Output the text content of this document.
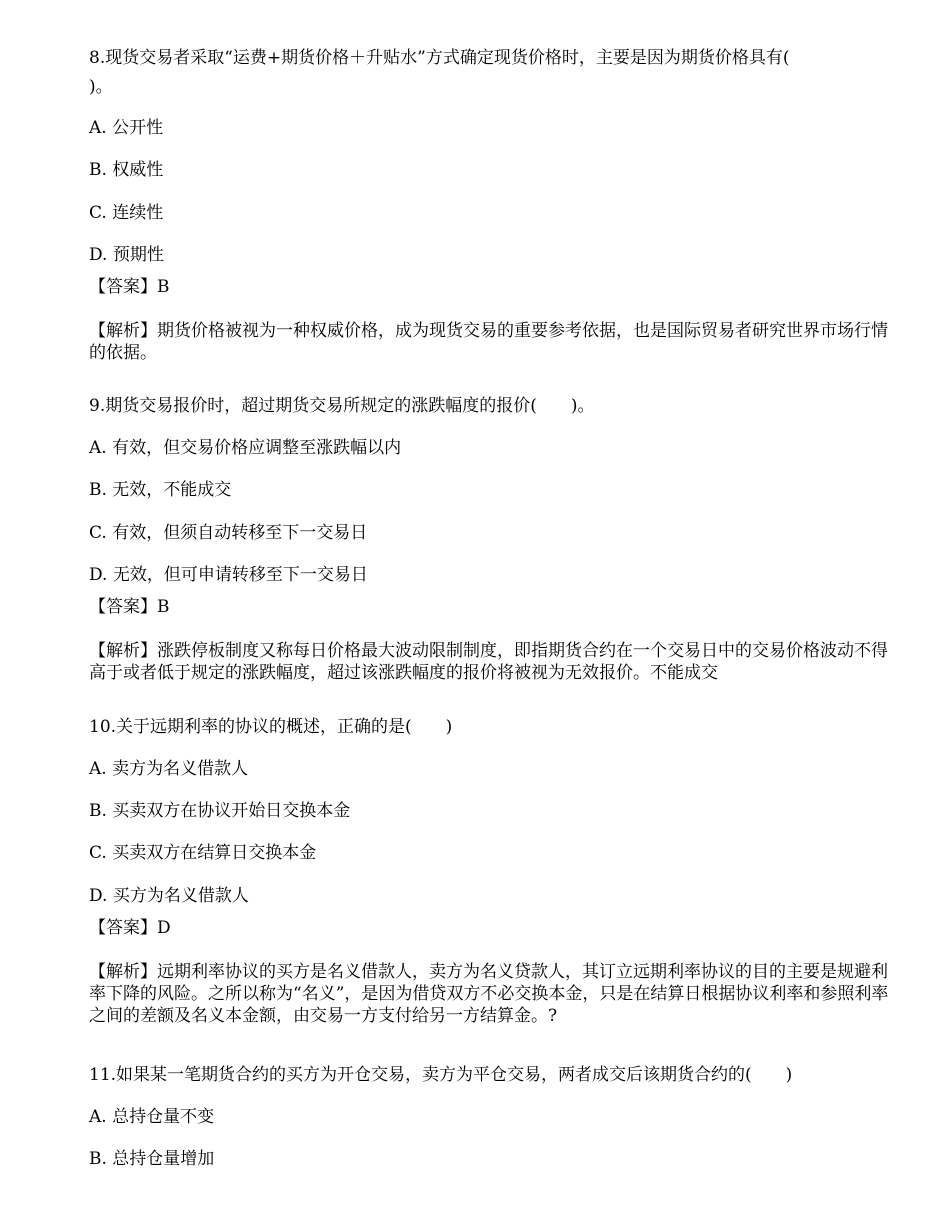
8.现货交易者采取“运费+期货价格＋升贴水”方式确定现货价格时，主要是因为期货价格具有(
)。
A. 公开性
B. 权威性
C. 连续性
D. 预期性
【答案】B
【解析】期货价格被视为一种权威价格，成为现货交易的重要参考依据，也是国际贸易者研究世界市场行情的依据。
9.期货交易报价时，超过期货交易所规定的涨跌幅度的报价(　　)。
A. 有效，但交易价格应调整至涨跌幅以内
B. 无效，不能成交
C. 有效，但须自动转移至下一交易日
D. 无效，但可申请转移至下一交易日
【答案】B
【解析】涨跌停板制度又称每日价格最大波动限制制度，即指期货合约在一个交易日中的交易价格波动不得高于或者低于规定的涨跌幅度，超过该涨跌幅度的报价将被视为无效报价。不能成交
10.关于远期利率的协议的概述，正确的是(　　)
A. 卖方为名义借款人
B. 买卖双方在协议开始日交换本金
C. 买卖双方在结算日交换本金
D. 买方为名义借款人
【答案】D
【解析】远期利率协议的买方是名义借款人，卖方为名义贷款人，其订立远期利率协议的目的主要是规避利率下降的风险。之所以称为“名义”，是因为借贷双方不必交换本金，只是在结算日根据协议利率和参照利率之间的差额及名义本金额，由交易一方支付给另一方结算金。?
11.如果某一笔期货合约的买方为开仓交易，卖方为平仓交易，两者成交后该期货合约的(　　)
A. 总持仓量不变
B. 总持仓量增加
